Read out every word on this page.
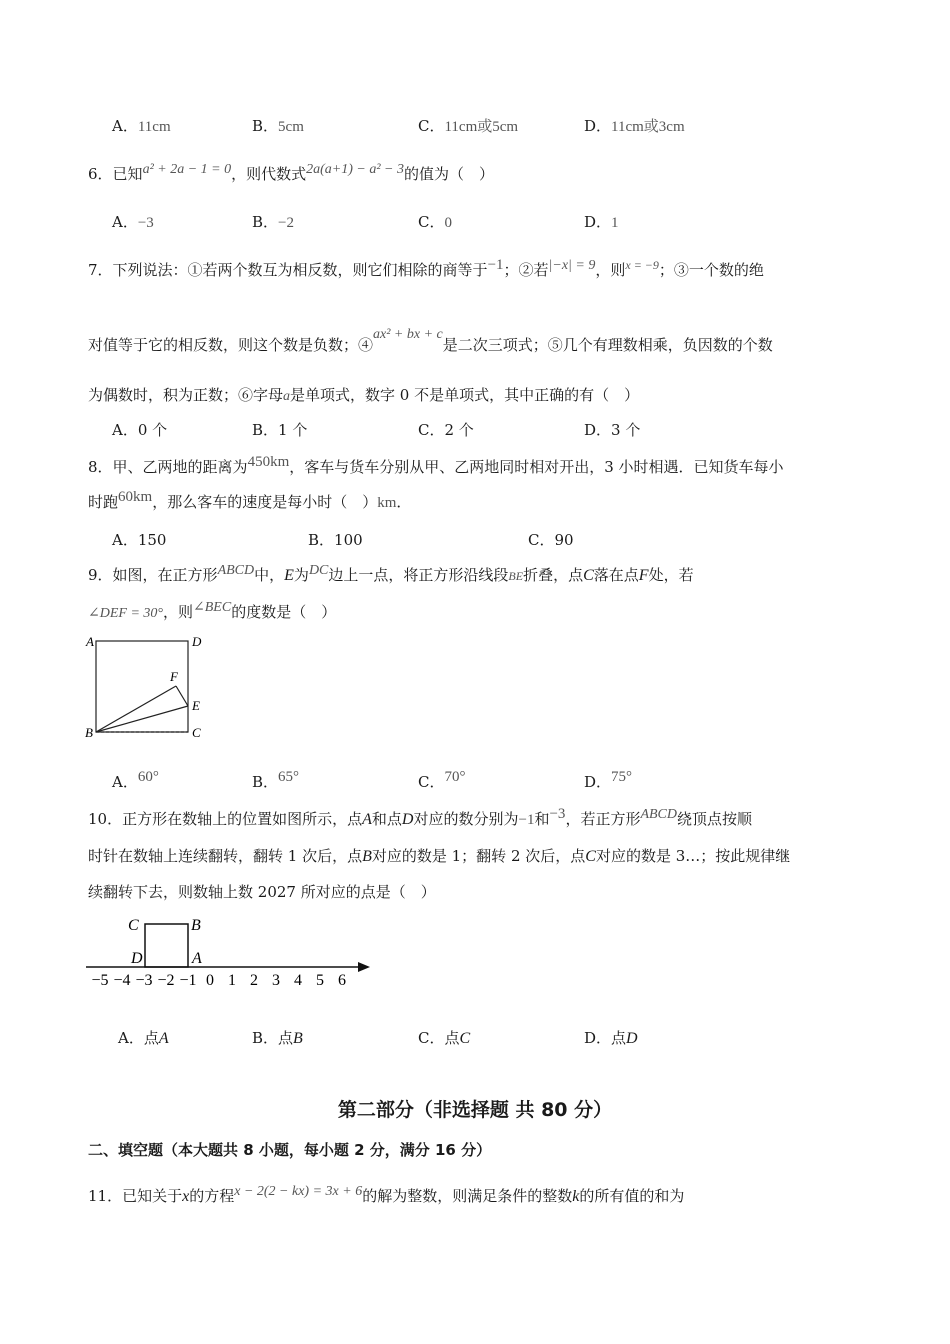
A．11cm	B．5cm	C．11cm或5cm	D．11cm或3cm
6．已知a² + 2a − 1 = 0，则代数式2a(a+1) − a² − 3的值为（　）
A．−3	B．−2	C．0	D．1
7．下列说法：①若两个数互为相反数，则它们相除的商等于−1；②若|−x| = 9，则$^{x = -9}$；③一个数的绝
对值等于它的相反数，则这个数是负数；④ax² + bx + c是二次三项式；⑤几个有理数相乘，负因数的个数
为偶数时，积为正数；⑥字母a是单项式，数字 0 不是单项式，其中正确的有（　）
A．0 个	B．1 个	C．2 个	D．3 个
8．甲、乙两地的距离为450km，客车与货车分别从甲、乙两地同时相对开出，3 小时相遇．已知货车每小
时跑60km，那么客车的速度是每小时（　）km．
A．150	B．100	C．90
9．如图，在正方形ABCD中，E为DC边上一点，将正方形沿线段BE折叠，点C落在点F处，若
∠DEF = 30°，则∠BEC的度数是（　）
A	D
F
E
B	C
A．60°	B．65°	C．70°	D．75°
10．正方形在数轴上的位置如图所示，点A和点D对应的数分别为−1和−3，若正方形ABCD绕顶点按顺
时针在数轴上连续翻转，翻转 1 次后，点B对应的数是 1；翻转 2 次后，点C对应的数是 3…；按此规律继
续翻转下去，则数轴上数 2027 所对应的点是（　）
C	B
D	A
−5 −4 −3 −2 −1 0 1 2 3 4 5 6
A．点A	B．点B	C．点C	D．点D
第二部分（非选择题 共 80 分）
二、填空题（本大题共 8 小题，每小题 2 分，满分 16 分）
11．已知关于x的方程x − 2(2 − kx) = 3x + 6的解为整数，则满足条件的整数k的所有值的和为
